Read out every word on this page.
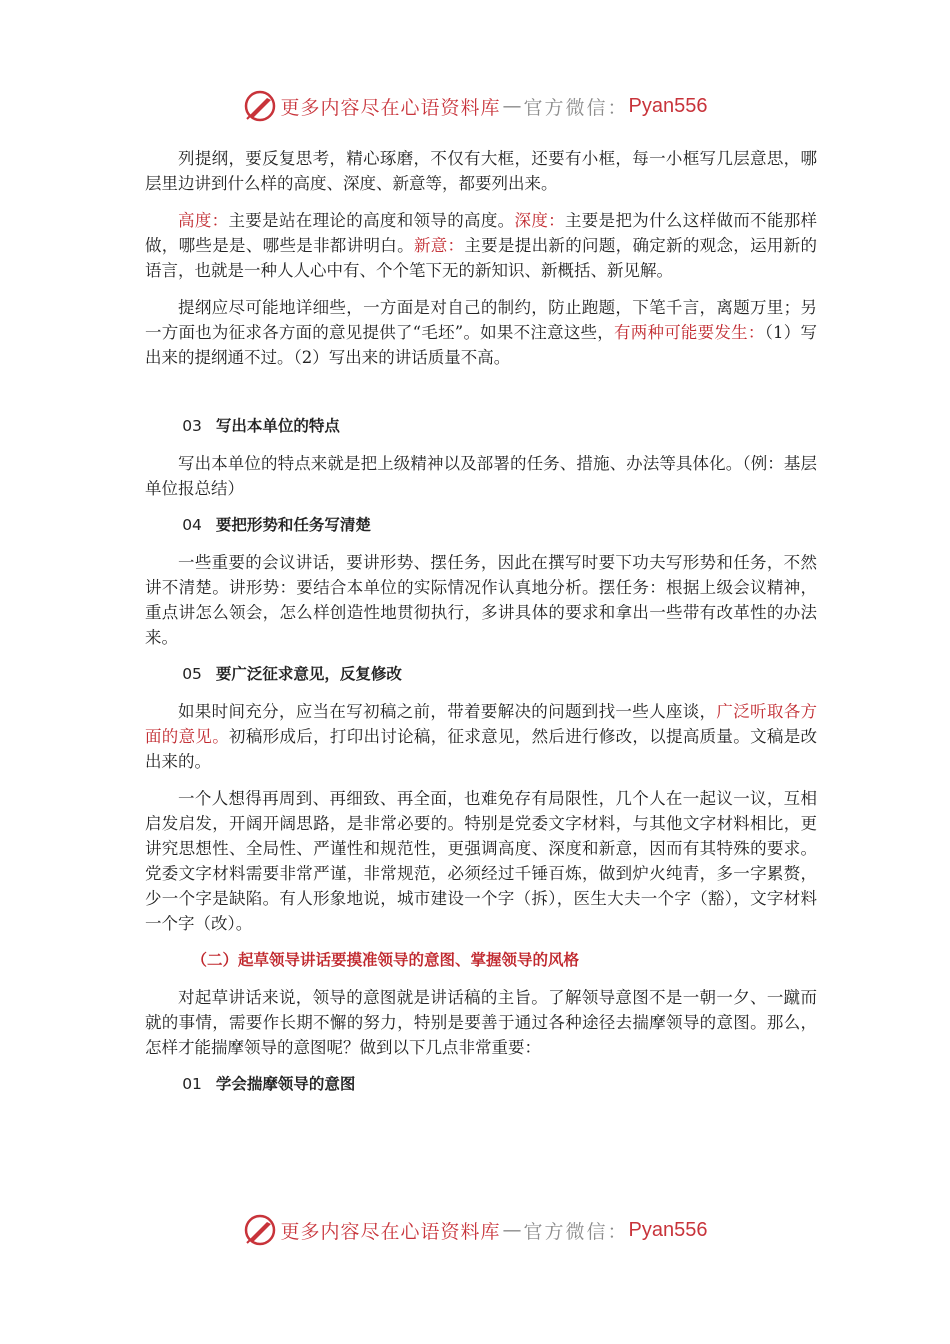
更多内容尽在心语资料库 — 官方微信： Pyan556

列提纲，要反复思考，精心琢磨，不仅有大框，还要有小框，每一小框写几层意思，哪层里边讲到什么样的高度、深度、新意等，都要列出来。

高度：主要是站在理论的高度和领导的高度。深度：主要是把为什么这样做而不能那样做，哪些是是、哪些是非都讲明白。新意：主要是提出新的问题，确定新的观念，运用新的语言，也就是一种人人心中有、个个笔下无的新知识、新概括、新见解。

提纲应尽可能地详细些，一方面是对自己的制约，防止跑题，下笔千言，离题万里；另一方面也为征求各方面的意见提供了“毛坯”。如果不注意这些，有两种可能要发生：（1）写出来的提纲通不过。（2）写出来的讲话质量不高。

03 写出本单位的特点

写出本单位的特点来就是把上级精神以及部署的任务、措施、办法等具体化。（例：基层单位报总结）

04 要把形势和任务写清楚

一些重要的会议讲话，要讲形势、摆任务，因此在撰写时要下功夫写形势和任务，不然讲不清楚。讲形势：要结合本单位的实际情况作认真地分析。摆任务：根据上级会议精神，重点讲怎么领会，怎么样创造性地贯彻执行，多讲具体的要求和拿出一些带有改革性的办法来。

05 要广泛征求意见，反复修改

如果时间充分，应当在写初稿之前，带着要解决的问题到找一些人座谈，广泛听取各方面的意见。初稿形成后，打印出讨论稿，征求意见，然后进行修改，以提高质量。文稿是改出来的。

一个人想得再周到、再细致、再全面，也难免存有局限性，几个人在一起议一议，互相启发启发，开阔开阔思路，是非常必要的。特别是党委文字材料，与其他文字材料相比，更讲究思想性、全局性、严谨性和规范性，更强调高度、深度和新意，因而有其特殊的要求。党委文字材料需要非常严谨，非常规范，必须经过千锤百炼，做到炉火纯青，多一字累赘，少一个字是缺陷。有人形象地说，城市建设一个字（拆），医生大夫一个字（豁），文字材料一个字（改）。

（二）起草领导讲话要摸准领导的意图、掌握领导的风格

对起草讲话来说，领导的意图就是讲话稿的主旨。了解领导意图不是一朝一夕、一蹴而就的事情，需要作长期不懈的努力，特别是要善于通过各种途径去揣摩领导的意图。那么，怎样才能揣摩领导的意图呢？做到以下几点非常重要：

01 学会揣摩领导的意图

更多内容尽在心语资料库 — 官方微信： Pyan556
